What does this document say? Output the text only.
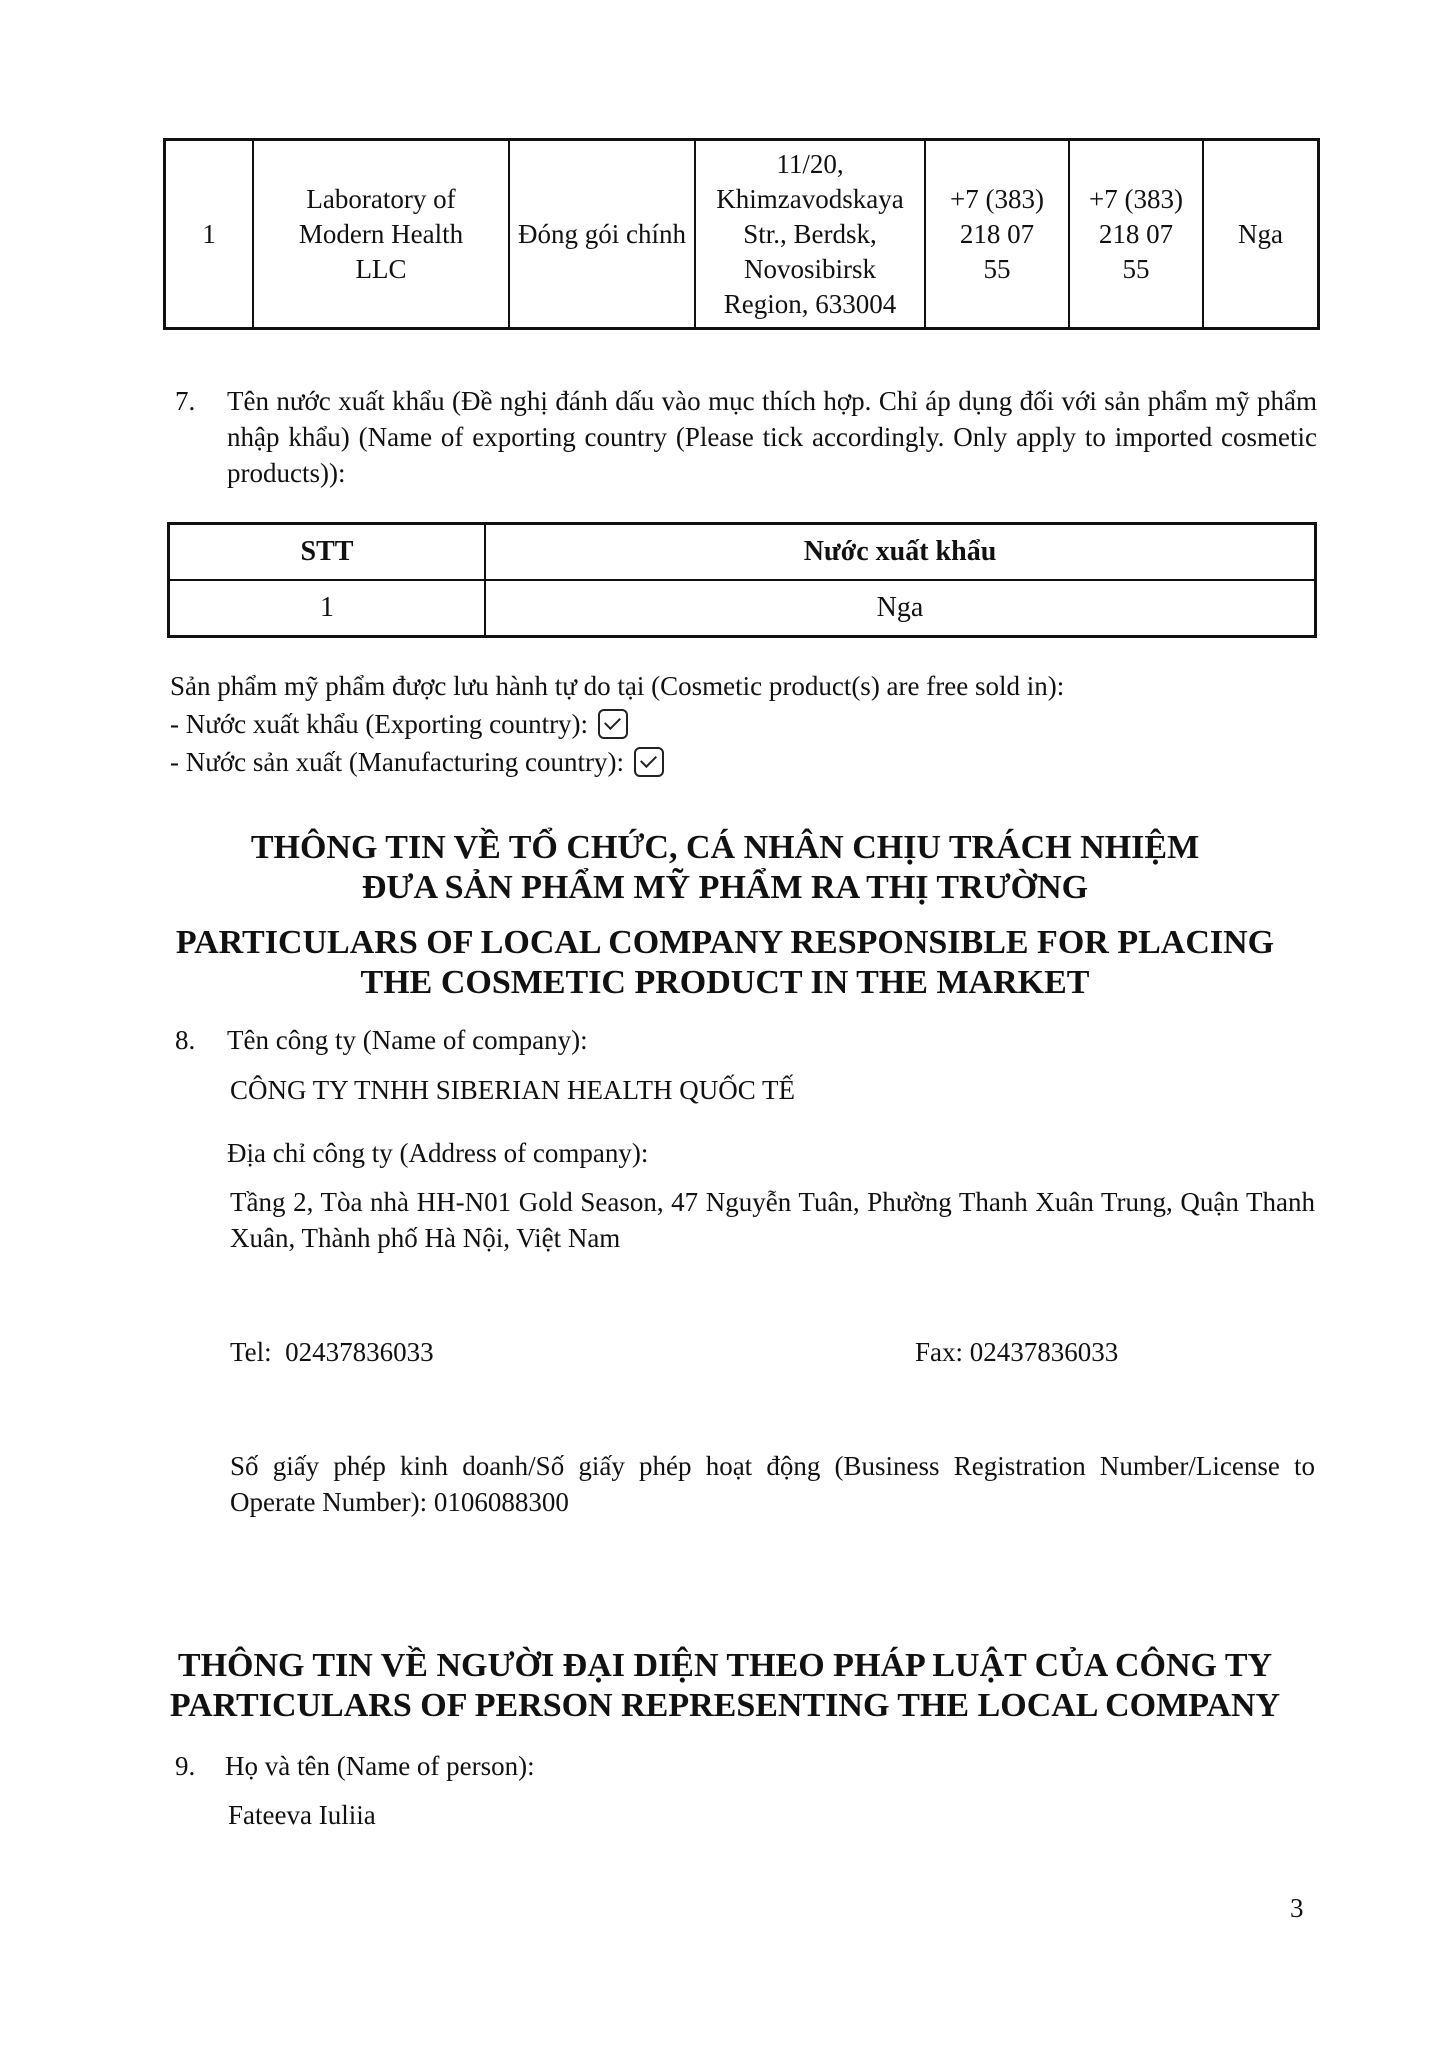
1	Laboratory of
Modern Health
LLC	Đóng gói chính	11/20,
Khimzavodskaya
Str., Berdsk,
Novosibirsk
Region, 633004	+7 (383)
218 07
55	+7 (383)
218 07
55	Nga
7. Tên nước xuất khẩu (Đề nghị đánh dấu vào mục thích hợp. Chỉ áp dụng đối với sản phẩm mỹ phẩm nhập khẩu) (Name of exporting country (Please tick accordingly. Only apply to imported cosmetic products)):
STT	Nước xuất khẩu
1	Nga
Sản phẩm mỹ phẩm được lưu hành tự do tại (Cosmetic product(s) are free sold in):
- Nước xuất khẩu (Exporting country):
- Nước sản xuất (Manufacturing country):
THÔNG TIN VỀ TỔ CHỨC, CÁ NHÂN CHỊU TRÁCH NHIỆM
ĐƯA SẢN PHẨM MỸ PHẨM RA THỊ TRƯỜNG
PARTICULARS OF LOCAL COMPANY RESPONSIBLE FOR PLACING
THE COSMETIC PRODUCT IN THE MARKET
8. Tên công ty (Name of company):
CÔNG TY TNHH SIBERIAN HEALTH QUỐC TẾ
Địa chỉ công ty (Address of company):
Tầng 2, Tòa nhà HH-N01 Gold Season, 47 Nguyễn Tuân, Phường Thanh Xuân Trung, Quận Thanh Xuân, Thành phố Hà Nội, Việt Nam
Tel:  02437836033	Fax: 02437836033
Số giấy phép kinh doanh/Số giấy phép hoạt động (Business Registration Number/License to Operate Number): 0106088300
THÔNG TIN VỀ NGƯỜI ĐẠI DIỆN THEO PHÁP LUẬT CỦA CÔNG TY
PARTICULARS OF PERSON REPRESENTING THE LOCAL COMPANY
9. Họ và tên (Name of person):
Fateeva Iuliia
3
